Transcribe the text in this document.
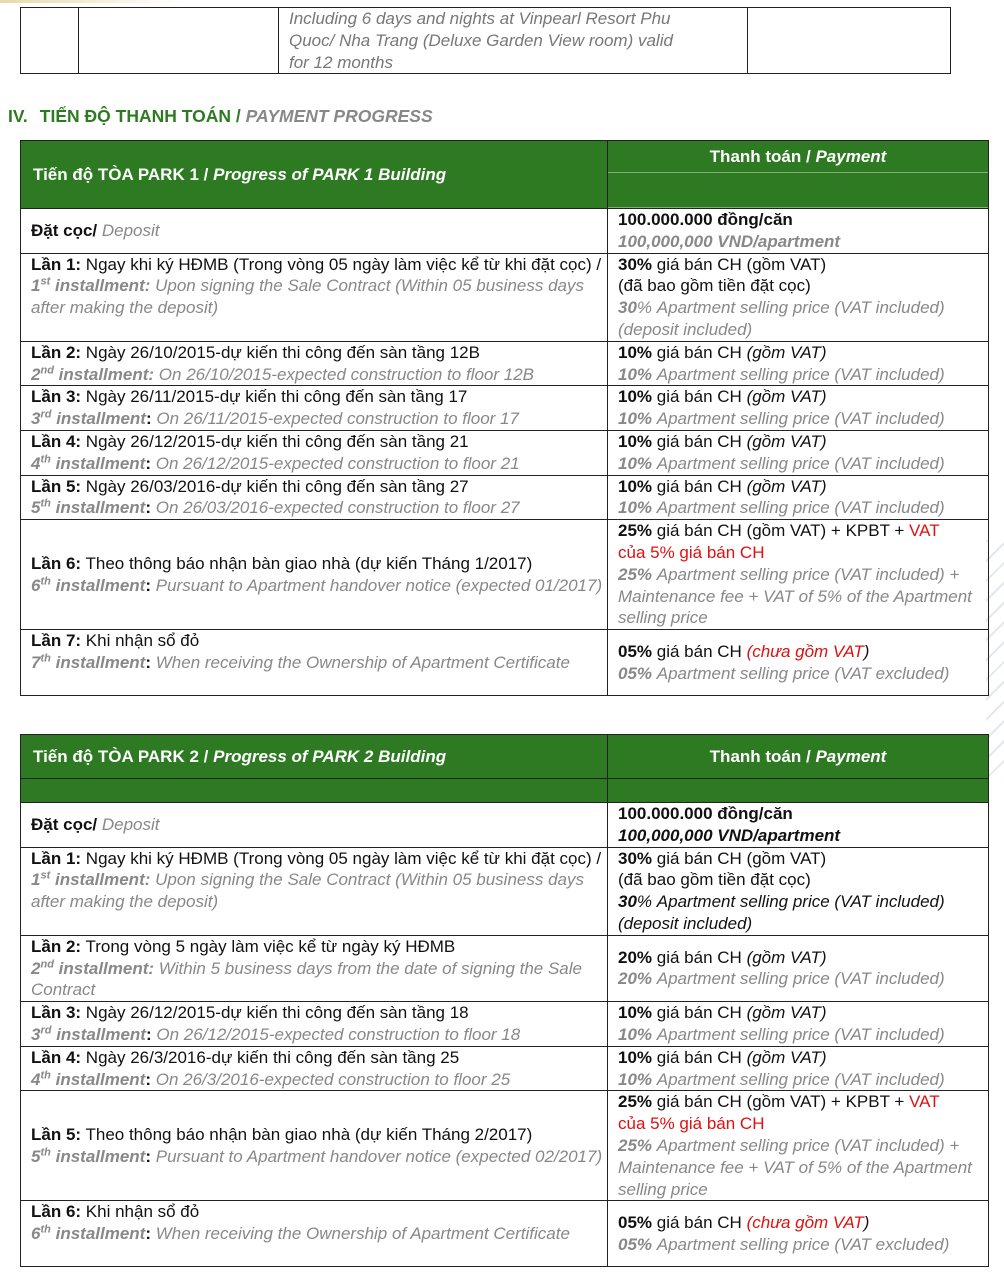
Including 6 days and nights at Vinpearl Resort Phu
Quoc/ Nha Trang (Deluxe Garden View room) valid
for 12 months

IV. TIẾN ĐỘ THANH TOÁN / PAYMENT PROGRESS
Tiến độ TÒA PARK 1 / Progress of PARK 1 Building	Thanh toán / Payment

Đặt cọc/ Deposit	100.000.000 đồng/căn
100,000,000 VND/apartment

Lần 1: Ngay khi ký HĐMB (Trong vòng 05 ngày làm việc kể từ khi đặt cọc) /
1st installment: Upon signing the Sale Contract (Within 05 business days after making the deposit)	30% giá bán CH (gồm VAT)
(đã bao gồm tiền đặt cọc)
30% Apartment selling price (VAT included)(deposit included)
Lần 2: Ngày 26/10/2015-dự kiến thi công đến sàn tầng 12B
2nd installment: On 26/10/2015-expected construction to floor 12B	10% giá bán CH (gồm VAT)
10% Apartment selling price (VAT included)
Lần 3: Ngày 26/11/2015-dự kiến thi công đến sàn tầng 17
3rd installment: On 26/11/2015-expected construction to floor 17	10% giá bán CH (gồm VAT)
10% Apartment selling price (VAT included)
Lần 4: Ngày 26/12/2015-dự kiến thi công đến sàn tầng 21
4th installment: On 26/12/2015-expected construction to floor 21	10% giá bán CH (gồm VAT)
10% Apartment selling price (VAT included)
Lần 5: Ngày 26/03/2016-dự kiến thi công đến sàn tầng 27
5th installment: On 26/03/2016-expected construction to floor 27	10% giá bán CH (gồm VAT)
10% Apartment selling price (VAT included)
Lần 6: Theo thông báo nhận bàn giao nhà (dự kiến Tháng 1/2017)
6th installment: Pursuant to Apartment handover notice (expected 01/2017)	25% giá bán CH (gồm VAT) + KPBT + VAT
của 5% giá bán CH
25% Apartment selling price (VAT included) + Maintenance fee + VAT of 5% of the Apartment selling price
Lần 7: Khi nhận sổ đỏ
7th installment: When receiving the Ownership of Apartment Certificate	05% giá bán CH (chưa gồm VAT)
05% Apartment selling price (VAT excluded)
Tiến độ TÒA PARK 2 / Progress of PARK 2 Building	Thanh toán / Payment

Đặt cọc/ Deposit	100.000.000 đồng/căn
100,000,000 VND/apartment

Lần 1: Ngay khi ký HĐMB (Trong vòng 05 ngày làm việc kể từ khi đặt cọc) /
1st installment: Upon signing the Sale Contract (Within 05 business days after making the deposit)	30% giá bán CH (gồm VAT)
(đã bao gồm tiền đặt cọc)
30% Apartment selling price (VAT included)(deposit included)
Lần 2: Trong vòng 5 ngày làm việc kể từ ngày ký HĐMB
2nd installment: Within 5 business days from the date of signing the Sale Contract	20% giá bán CH (gồm VAT)
20% Apartment selling price (VAT included)
Lần 3: Ngày 26/12/2015-dự kiến thi công đến sàn tầng 18
3rd installment: On 26/12/2015-expected construction to floor 18	10% giá bán CH (gồm VAT)
10% Apartment selling price (VAT included)
Lần 4: Ngày 26/3/2016-dự kiến thi công đến sàn tầng 25
4th installment: On 26/3/2016-expected construction to floor 25	10% giá bán CH (gồm VAT)
10% Apartment selling price (VAT included)
Lần 5: Theo thông báo nhận bàn giao nhà (dự kiến Tháng 2/2017)
5th installment: Pursuant to Apartment handover notice (expected 02/2017)	25% giá bán CH (gồm VAT) + KPBT + VAT
của 5% giá bán CH
25% Apartment selling price (VAT included) + Maintenance fee + VAT of 5% of the Apartment selling price
Lần 6: Khi nhận sổ đỏ
6th installment: When receiving the Ownership of Apartment Certificate	05% giá bán CH (chưa gồm VAT)
05% Apartment selling price (VAT excluded)
